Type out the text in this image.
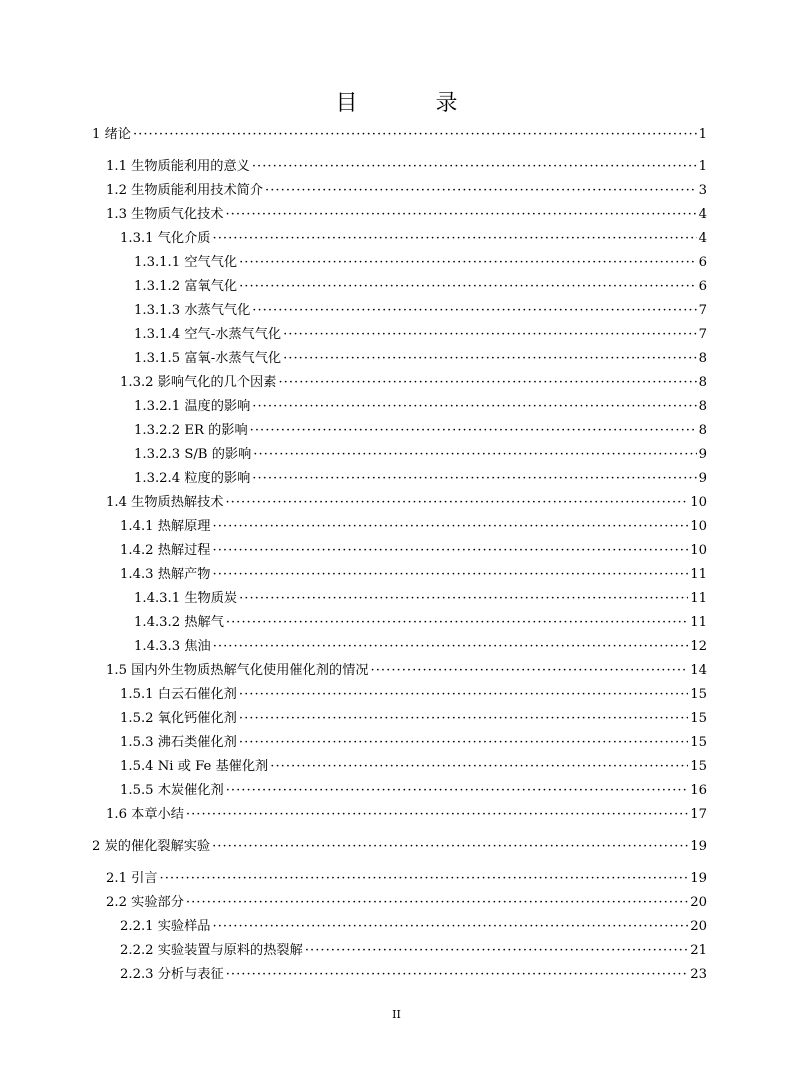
目　录
1 绪论 ·····	1
1.1 生物质能利用的意义 ·····	1
1.2 生物质能利用技术简介 ·····	3
1.3 生物质气化技术 ·····	4
1.3.1 气化介质 ·····	4
1.3.1.1 空气气化 ·····	6
1.3.1.2 富氧气化 ·····	6
1.3.1.3 水蒸气气化 ·····	7
1.3.1.4 空气-水蒸气气化 ·····	7
1.3.1.5 富氧-水蒸气气化 ·····	8
1.3.2 影响气化的几个因素 ·····	8
1.3.2.1 温度的影响 ·····	8
1.3.2.2 ER 的影响 ·····	8
1.3.2.3 S/B 的影响 ·····	9
1.3.2.4 粒度的影响 ·····	9
1.4 生物质热解技术 ·····	10
1.4.1 热解原理 ·····	10
1.4.2 热解过程 ·····	10
1.4.3 热解产物 ·····	11
1.4.3.1 生物质炭 ·····	11
1.4.3.2 热解气 ·····	11
1.4.3.3 焦油 ·····	12
1.5 国内外生物质热解气化使用催化剂的情况 ·····	14
1.5.1 白云石催化剂 ·····	15
1.5.2 氧化钙催化剂 ·····	15
1.5.3 沸石类催化剂 ·····	15
1.5.4 Ni 或 Fe 基催化剂 ·····	15
1.5.5 木炭催化剂 ·····	16
1.6 本章小结 ·····	17
2 炭的催化裂解实验 ·····	19
2.1 引言 ·····	19
2.2 实验部分 ·····	20
2.2.1 实验样品 ·····	20
2.2.2 实验装置与原料的热裂解 ·····	21
2.2.3 分析与表征 ·····	23
II
